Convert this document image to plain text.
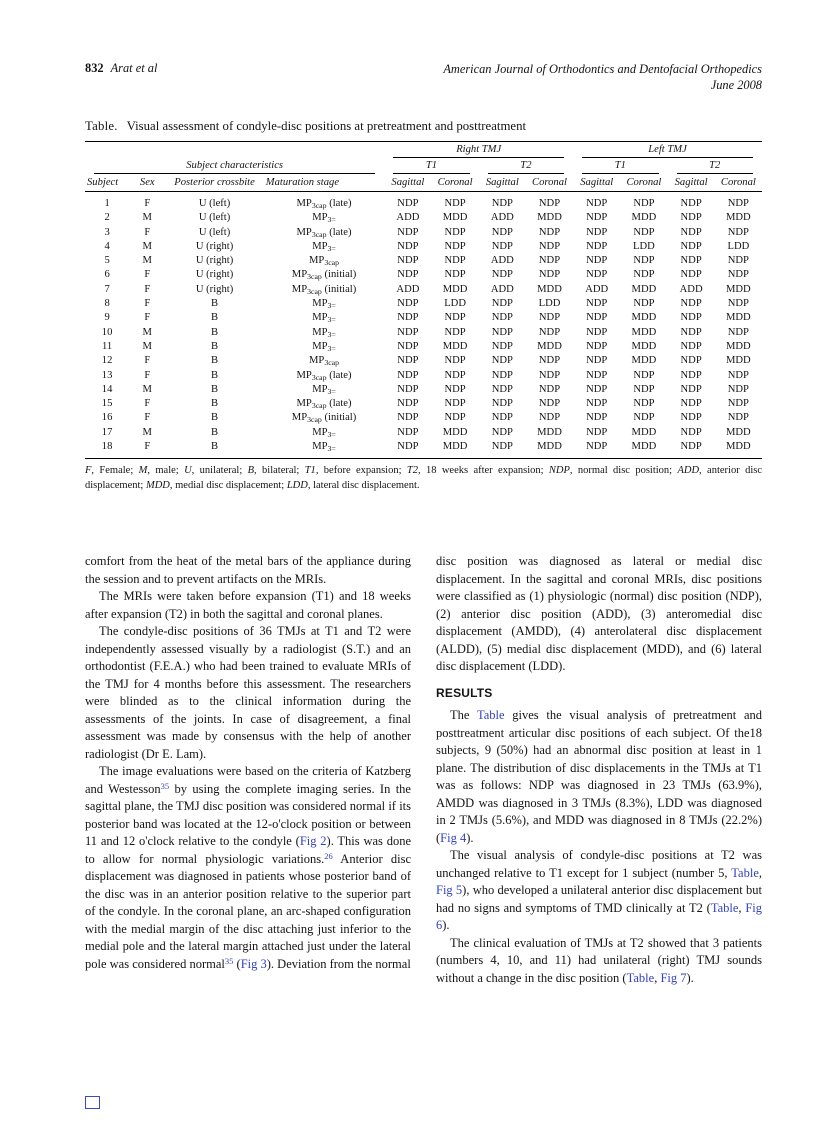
832 Arat et al	American Journal of Orthodontics and Dentofacial Orthopedics
June 2008
Table. Visual assessment of condyle-disc positions at pretreatment and posttreatment

				Right TMJ				Left TMJ			

Subject characteristics				T1		T2		T1		T2	

Subject	Sex	Posterior crossbite	Maturation stage	Sagittal	Coronal	Sagittal	Coronal	Sagittal	Coronal	Sagittal	Coronal
1	F	U (left)	$MP_{3cap}$ (late)	NDP	NDP	NDP	NDP	NDP	NDP	NDP	NDP
2	M	U (left)	$MP_{3=}$	ADD	MDD	ADD	MDD	NDP	MDD	NDP	MDD
3	F	U (left)	$MP_{3cap}$ (late)	NDP	NDP	NDP	NDP	NDP	NDP	NDP	NDP
4	M	U (right)	$MP_{3=}$	NDP	NDP	NDP	NDP	NDP	LDD	NDP	LDD
5	M	U (right)	$MP_{3cap}$	NDP	NDP	ADD	NDP	NDP	NDP	NDP	NDP
6	F	U (right)	$MP_{3cap}$ (initial)	NDP	NDP	NDP	NDP	NDP	NDP	NDP	NDP
7	F	U (right)	$MP_{3cap}$ (initial)	ADD	MDD	ADD	MDD	ADD	MDD	ADD	MDD
8	F	B	$MP_{3=}$	NDP	LDD	NDP	LDD	NDP	NDP	NDP	NDP
9	F	B	$MP_{3=}$	NDP	NDP	NDP	NDP	NDP	MDD	NDP	MDD
10	M	B	$MP_{3=}$	NDP	NDP	NDP	NDP	NDP	MDD	NDP	NDP
11	M	B	$MP_{3=}$	NDP	MDD	NDP	MDD	NDP	MDD	NDP	MDD
12	F	B	$MP_{3cap}$	NDP	NDP	NDP	NDP	NDP	MDD	NDP	MDD
13	F	B	$MP_{3cap}$ (late)	NDP	NDP	NDP	NDP	NDP	NDP	NDP	NDP
14	M	B	$MP_{3=}$	NDP	NDP	NDP	NDP	NDP	NDP	NDP	NDP
15	F	B	$MP_{3cap}$ (late)	NDP	NDP	NDP	NDP	NDP	NDP	NDP	NDP
16	F	B	$MP_{3cap}$ (initial)	NDP	NDP	NDP	NDP	NDP	NDP	NDP	NDP
17	M	B	$MP_{3=}$	NDP	MDD	NDP	MDD	NDP	MDD	NDP	MDD
18	F	B	$MP_{3=}$	NDP	MDD	NDP	MDD	NDP	MDD	NDP	MDD
F, Female; M, male; U, unilateral; B, bilateral; T1, before expansion; T2, 18 weeks after expansion; NDP, normal disc position; ADD, anterior disc displacement; MDD, medial disc displacement; LDD, lateral disc displacement.

comfort from the heat of the metal bars of the appliance during the session and to prevent artifacts on the MRIs.

The MRIs were taken before expansion (T1) and 18 weeks after expansion (T2) in both the sagittal and coronal planes.

The condyle-disc positions of 36 TMJs at T1 and T2 were independently assessed visually by a radiologist (S.T.) and an orthodontist (F.E.A.) who had been trained to evaluate MRIs of the TMJ for 4 months before this assessment. The researchers were blinded as to the clinical information during the assessments of the joints. In case of disagreement, a final assessment was made by consensus with the help of another radiologist (Dr E. Lam).

The image evaluations were based on the criteria of Katzberg and Westesson$^{35}$ by using the complete imaging series. In the sagittal plane, the TMJ disc position was considered normal if its posterior band was located at the 12-o'clock position or between 11 and 12 o'clock relative to the condyle (Fig 2). This was done to allow for normal physiologic variations.$^{26}$ Anterior disc displacement was diagnosed in patients whose posterior band of the disc was in an anterior position relative to the superior part of the condyle. In the coronal plane, an arc-shaped configuration with the medial margin of the disc attaching just inferior to the medial pole and the lateral margin attached just under the lateral pole was considered normal$^{35}$ (Fig 3). Deviation from the normal

disc position was diagnosed as lateral or medial disc displacement. In the sagittal and coronal MRIs, disc positions were classified as (1) physiologic (normal) disc position (NDP), (2) anterior disc position (ADD), (3) anteromedial disc displacement (AMDD), (4) anterolateral disc displacement (ALDD), (5) medial disc displacement (MDD), and (6) lateral disc displacement (LDD).

RESULTS

The Table gives the visual analysis of pretreatment and posttreatment articular disc positions of each subject. Of the18 subjects, 9 (50%) had an abnormal disc position at least in 1 plane. The distribution of disc displacements in the TMJs at T1 was as follows: NDP was diagnosed in 23 TMJs (63.9%), AMDD was diagnosed in 3 TMJs (8.3%), LDD was diagnosed in 2 TMJs (5.6%), and MDD was diagnosed in 8 TMJs (22.2%) (Fig 4).

The visual analysis of condyle-disc positions at T2 was unchanged relative to T1 except for 1 subject (number 5, Table, Fig 5), who developed a unilateral anterior disc displacement but had no signs and symptoms of TMD clinically at T2 (Table, Fig 6).

The clinical evaluation of TMJs at T2 showed that 3 patients (numbers 4, 10, and 11) had unilateral (right) TMJ sounds without a change in the disc position (Table, Fig 7).
